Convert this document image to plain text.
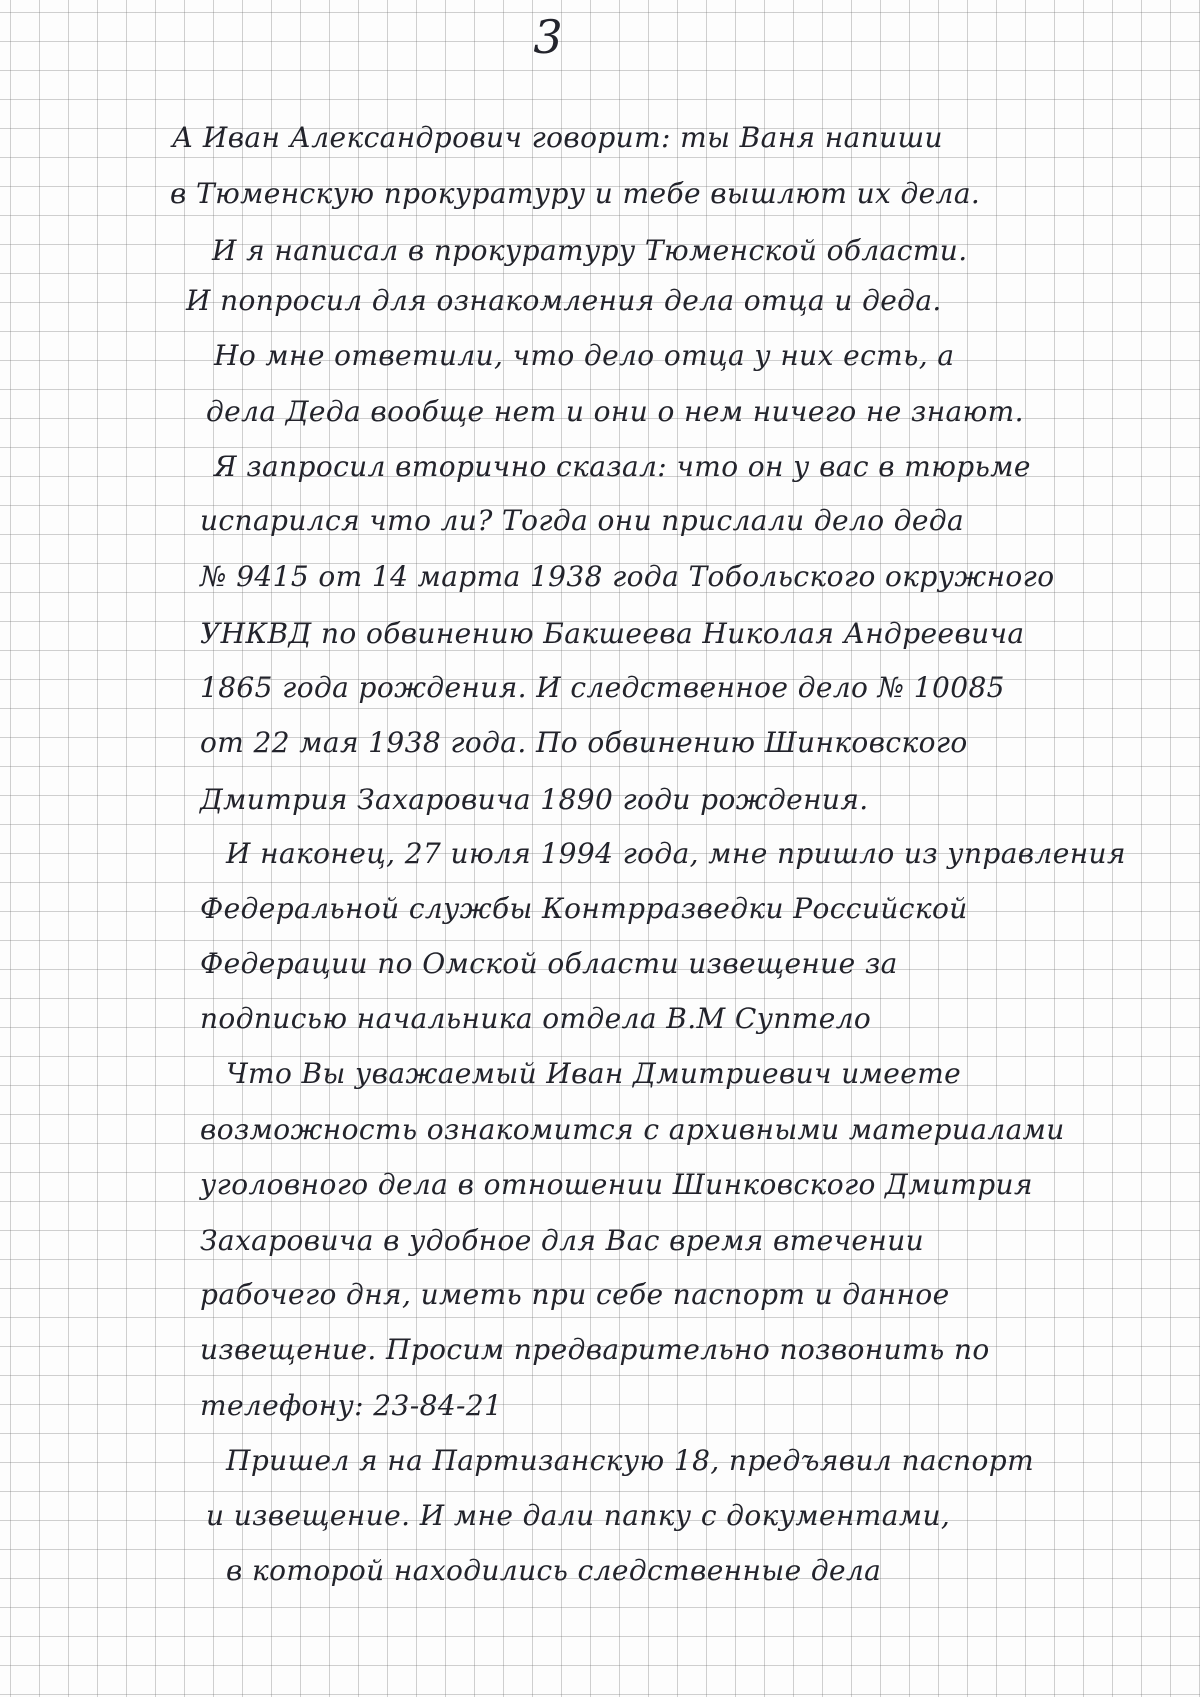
3
А Иван Александрович говорит: ты Ваня напиши
в Тюменскую прокуратуру и тебе вышлют их дела.
И я написал в прокуратуру Тюменской области.
И попросил для ознакомления дела отца и деда.
Но мне ответили, что дело отца у них есть, а
дела Деда вообще нет и они о нем ничего не знают.
Я запросил вторично сказал: что он у вас в тюрьме
испарился что ли? Тогда они прислали дело деда
№ 9415 от 14 марта 1938 года Тобольского окружного
УНКВД по обвинению Бакшеева Николая Андреевича
1865 года рождения. И следственное дело № 10085
от 22 мая 1938 года. По обвинению Шинковского
Дмитрия Захаровича 1890 годи рождения.
И наконец, 27 июля 1994 года, мне пришло из управления
Федеральной службы Контрразведки Российской
Федерации по Омской области извещение за
подписью начальника отдела В.М Суптело
Что Вы уважаемый Иван Дмитриевич имеете
возможность ознакомится с архивными материалами
уголовного дела в отношении Шинковского Дмитрия
Захаровича в удобное для Вас время втечении
рабочего дня, иметь при себе паспорт и данное
извещение. Просим предварительно позвонить по
телефону: 23-84-21
Пришел я на Партизанскую 18, предъявил паспорт
и извещение. И мне дали папку с документами,
в которой находились следственные дела
